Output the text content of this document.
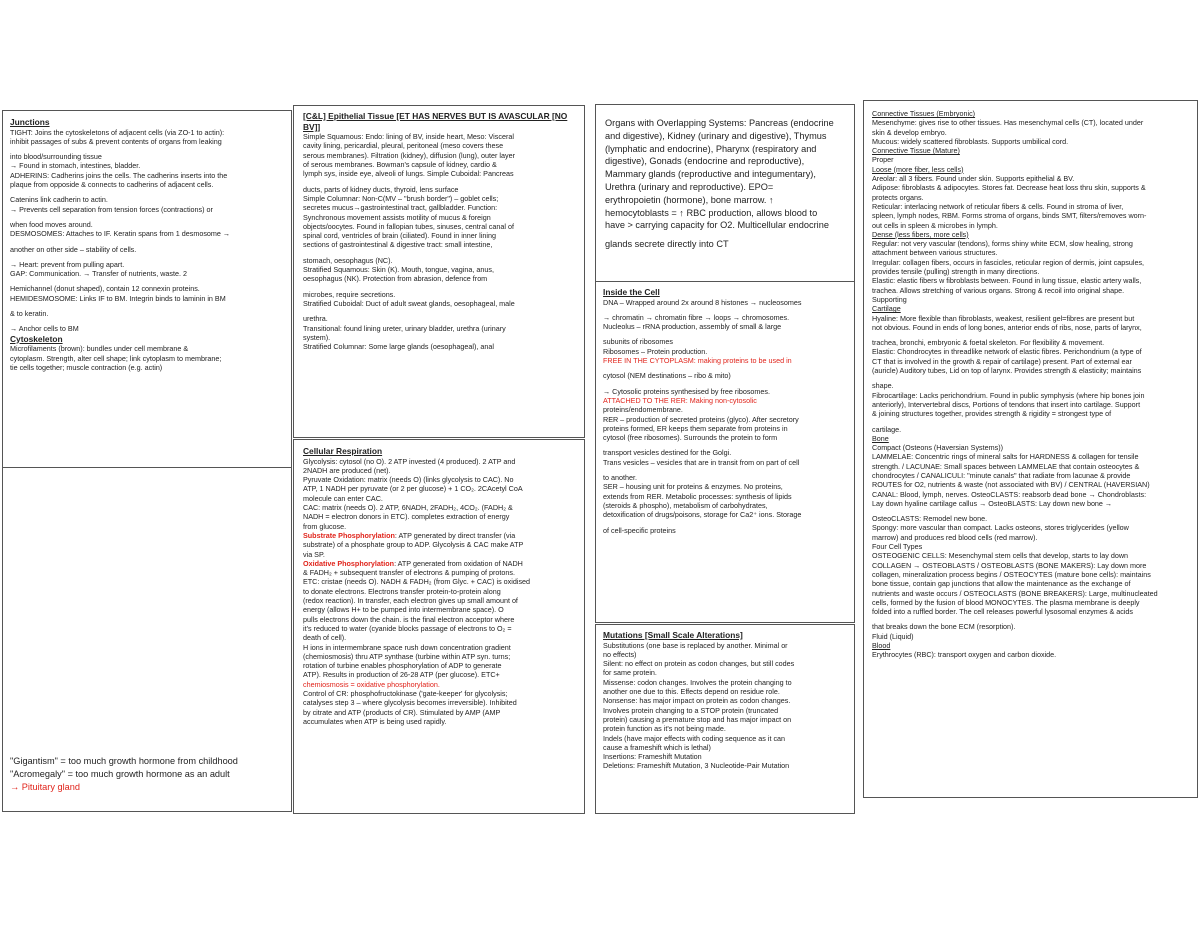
Junctions

TIGHT: Joins the cytoskeletons of adjacent cells (via ZO-1 to actin):

inhibit passages of subs & prevent contents of organs from leaking

into blood/surrounding tissue

→ Found in stomach, intestines, bladder.

ADHERINS: Cadherins joins the cells. The cadherins inserts into the

plaque from opposide & connects to cadherins of adjacent cells.

Catenins link cadherin to actin.

→ Prevents cell separation from tension forces (contractions) or

when food moves around.

DESMOSOMES: Attaches to IF. Keratin spans from 1 desmosome →

another on other side – stability of cells.

→ Heart: prevent from pulling apart.

GAP: Communication. → Transfer of nutrients, waste. 2

Hemichannel (donut shaped), contain 12 connexin proteins.

HEMIDESMOSOME: Links IF to BM. Integrin binds to laminin in BM

& to keratin.

→ Anchor cells to BM

Cytoskeleton

Microfilaments (brown): bundles under cell membrane &

cytoplasm. Strength, alter cell shape; link cytoplasm to membrane;

tie cells together; muscle contraction (e.g. actin)

"Gigantism" = too much growth hormone from childhood

"Acromegaly" = too much growth hormone as an adult

→ Pituitary gland
[C&L] Epithelial Tissue [ET HAS NERVES BUT IS AVASCULAR [NO BV]]

Simple Squamous: Endo: lining of BV, inside heart, Meso: Visceral

cavity lining, pericardial, pleural, peritoneal (meso covers these

serous membranes). Filtration (kidney), diffusion (lung), outer layer

of serous membranes. Bowman's capsule of kidney, cardio &

lymph sys, inside eye, alveoli of lungs. Simple Cuboidal: Pancreas

ducts, parts of kidney ducts, thyroid, lens surface

Simple Columnar: Non-C(MV – "brush border") – goblet cells;

secretes mucus→gastrointestinal tract, gallbladder. Function:

Synchronous movement assists motility of mucus & foreign

objects/oocytes. Found in fallopian tubes, sinuses, central canal of

spinal cord, ventricles of brain (ciliated). Found in inner lining

sections of gastrointestinal & digestive tract: small intestine,

stomach, oesophagus (NC).

Stratified Squamous: Skin (K). Mouth, tongue, vagina, anus,

oesophagus (NK). Protection from abrasion, defence from

microbes, require secretions.

Stratified Cuboidal: Duct of adult sweat glands, oesophageal, male

urethra.

Transitional: found lining ureter, urinary bladder, urethra (urinary

system).

Stratified Columnar: Some large glands (oesophageal), anal

Cellular Respiration

Glycolysis: cytosol (no O). 2 ATP invested (4 produced). 2 ATP and

2NADH are produced (net).

Pyruvate Oxidation: matrix (needs O) (links glycolysis to CAC). No

ATP, 1 NADH per pyruvate (or 2 per glucose) + 1 CO₂. 2CAcetyl CoA

molecule can enter CAC.

CAC: matrix (needs O). 2 ATP, 6NADH, 2FADH₂, 4CO₂. (FADH₂ &

NADH = electron donors in ETC). completes extraction of energy

from glucose.

Substrate Phosphorylation: ATP generated by direct transfer (via

substrate) of a phosphate group to ADP. Glycolysis & CAC make ATP

via SP.

Oxidative Phosphorylation: ATP generated from oxidation of NADH

& FADH₂ + subsequent transfer of electrons & pumping of protons.

ETC: cristae (needs O). NADH & FADH₂ (from Glyc. + CAC) is oxidised

to donate electrons. Electrons transfer protein-to-protein along

(redox reaction). In transfer, each electron gives up small amount of

energy (allows H+ to be pumped into intermembrane space). O

pulls electrons down the chain. is the final electron acceptor where

it's reduced to water (cyanide blocks passage of electrons to O₂ =

death of cell).

H ions in intermembrane space rush down concentration gradient

(chemiosmosis) thru ATP synthase (turbine within ATP syn. turns;

rotation of turbine enables phosphorylation of ADP to generate

ATP). Results in production of 26-28 ATP (per glucose). ETC+

chemiosmosis = oxidative phosphorylation.

Control of CR: phosphofructokinase ('gate-keeper' for glycolysis;

catalyses step 3 – where glycolysis becomes irreversible). Inhibited

by citrate and ATP (products of CR). Stimulated by AMP (AMP

accumulates when ATP is being used rapidly.

Organs with Overlapping Systems: Pancreas (endocrine

and digestive), Kidney (urinary and digestive), Thymus

(lymphatic and endocrine), Pharynx (respiratory and

digestive), Gonads (endocrine and reproductive),

Mammary glands (reproductive and integumentary),

Urethra (urinary and reproductive). EPO=

erythropoietin (hormone), bone marrow. ↑

hemocytoblasts = ↑ RBC production, allows blood to

have > carrying capacity for O2. Multicellular endocrine

glands secrete directly into CT

Inside the Cell

DNA – Wrapped around 2x around 8 histones → nucleosomes

→ chromatin → chromatin fibre → loops → chromosomes.

Nucleolus – rRNA production, assembly of small & large

subunits of ribosomes

Ribosomes – Protein production.

FREE IN THE CYTOPLASM: making proteins to be used in

cytosol (NEM destinations – ribo & mito)

→ Cytosolic proteins synthesised by free ribosomes.

ATTACHED TO THE RER: Making non-cytosolic

proteins/endomembrane.

RER – production of secreted proteins (glyco). After secretory

proteins formed, ER keeps them separate from proteins in

cytosol (free ribosomes). Surrounds the protein to form

transport vesicles destined for the Golgi.

Trans vesicles – vesicles that are in transit from on part of cell

to another.

SER – housing unit for proteins & enzymes. No proteins,

extends from RER. Metabolic processes: synthesis of lipids

(steroids & phospho), metabolism of carbohydrates,

detoxification of drugs/poisons, storage for Ca2⁺ ions. Storage

of cell-specific proteins

Mutations [Small Scale Alterations]

Substitutions (one base is replaced by another. Minimal or

no effects)

Silent: no effect on protein as codon changes, but still codes

for same protein.

Missense: codon changes. Involves the protein changing to

another one due to this. Effects depend on residue role.

Nonsense: has major impact on protein as codon changes.

Involves protein changing to a STOP protein (truncated

protein) causing a premature stop and has major impact on

protein function as it's not being made.

Indels (have major effects with coding sequence as it can

cause a frameshift which is lethal)

Insertions: Frameshift Mutation

Deletions: Frameshift Mutation, 3 Nucleotide-Pair Mutation

Connective Tissues (Embryonic)

Mesenchyme: gives rise to other tissues. Has mesenchymal cells (CT), located under

skin & develop embryo.

Mucous: widely scattered fibroblasts. Supports umbilical cord.

Connective Tissue (Mature)

Proper

Loose (more fiber, less cells)

Areolar: all 3 fibers. Found under skin. Supports epithelial & BV.

Adipose: fibroblasts & adipocytes. Stores fat. Decrease heat loss thru skin, supports &

protects organs.

Reticular: interlacing network of reticular fibers & cells. Found in stroma of liver,

spleen, lymph nodes, RBM. Forms stroma of organs, binds SMT, filters/removes worn-

out cells in spleen & microbes in lymph.

Dense (less fibers, more cells)

Regular: not very vascular (tendons), forms shiny white ECM, slow healing, strong

attachment between various structures.

Irregular: collagen fibers, occurs in fascicles, reticular region of dermis, joint capsules,

provides tensile (pulling) strength in many directions.

Elastic: elastic fibers w fibroblasts between. Found in lung tissue, elastic artery walls,

trachea. Allows stretching of various organs. Strong & recoil into original shape.

Supporting

Cartilage

Hyaline: More flexible than fibroblasts, weakest, resilient gel=fibres are present but

not obvious. Found in ends of long bones, anterior ends of ribs, nose, parts of larynx,

trachea, bronchi, embryonic & foetal skeleton. For flexibility & movement.

Elastic: Chondrocytes in threadlike network of elastic fibres. Perichondrium (a type of

CT that is involved in the growth & repair of cartilage) present. Part of external ear

(auricle) Auditory tubes, Lid on top of larynx. Provides strength & elasticity; maintains

shape.

Fibrocartilage: Lacks perichondrium. Found in public symphysis (where hip bones join

anteriorly), Intervertebral discs, Portions of tendons that insert into cartilage. Support

& joining structures together, provides strength & rigidity = strongest type of

cartilage.

Bone

Compact (Osteons (Haversian Systems))

LAMMELAE: Concentric rings of mineral salts for HARDNESS & collagen for tensile

strength. / LACUNAE: Small spaces between LAMMELAE that contain osteocytes &

chondrocytes / CANALICULI: "minute canals" that radiate from lacunae & provide

ROUTES for O2, nutrients & waste (not associated with BV) / CENTRAL (HAVERSIAN)

CANAL: Blood, lymph, nerves. OsteoCLASTS: reabsorb dead bone → Chondroblasts:

Lay down hyaline cartilage callus → OsteoBLASTS: Lay down new bone →

OsteoCLASTS: Remodel new bone.

Spongy: more vascular than compact. Lacks osteons, stores triglycerides (yellow

marrow) and produces red blood cells (red marrow).

Four Cell Types

OSTEOGENIC CELLS: Mesenchymal stem cells that develop, starts to lay down

COLLAGEN → OSTEOBLASTS / OSTEOBLASTS (BONE MAKERS): Lay down more

collagen, mineralization process begins / OSTEOCYTES (mature bone cells): maintains

bone tissue, contain gap junctions that allow the maintenance as the exchange of

nutrients and waste occurs / OSTEOCLASTS (BONE BREAKERS): Large, multinucleated

cells, formed by the fusion of blood MONOCYTES. The plasma membrane is deeply

folded into a ruffled border. The cell releases powerful lysosomal enzymes & acids

that breaks down the bone ECM (resorption).

Fluid (Liquid)

Blood

Erythrocytes (RBC): transport oxygen and carbon dioxide.
